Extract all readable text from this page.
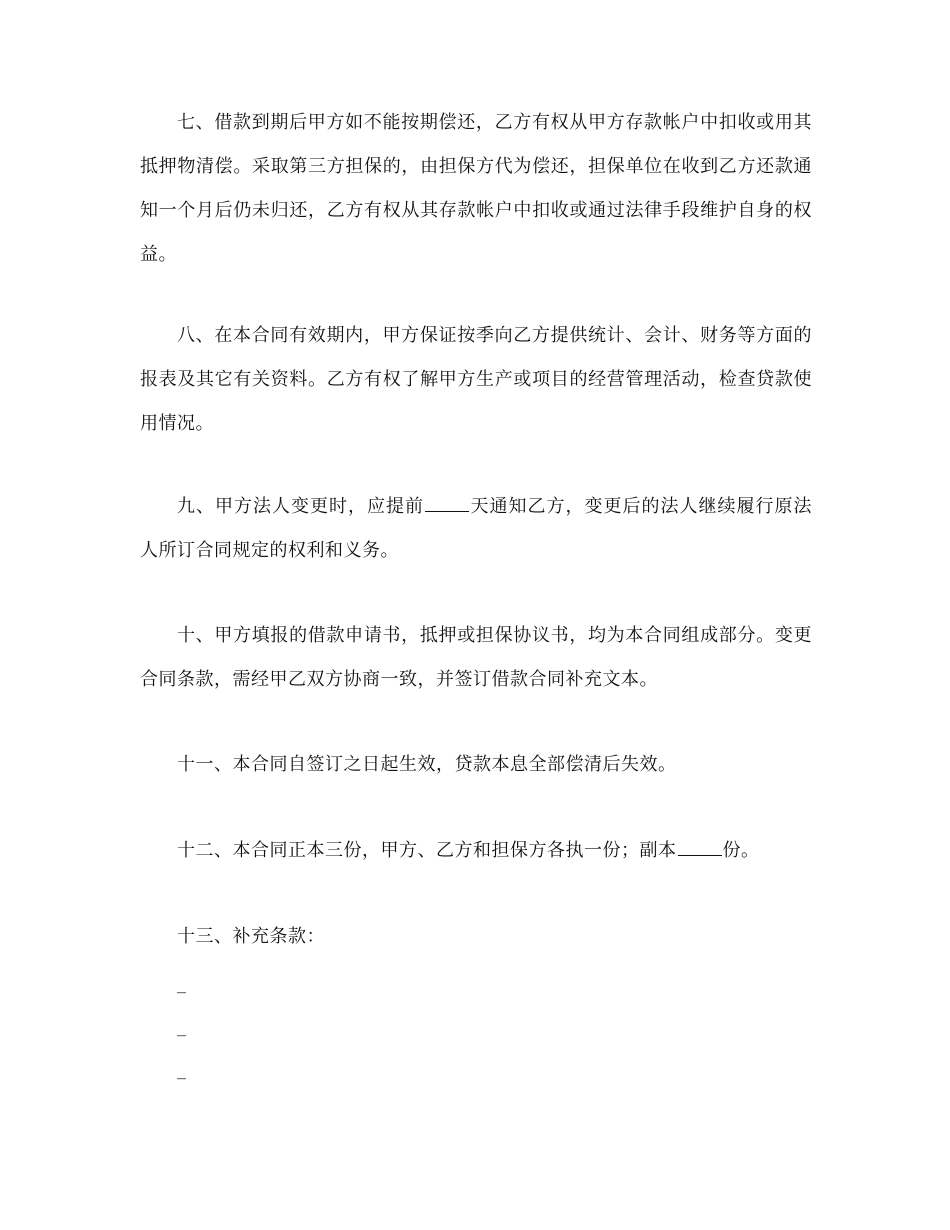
七、借款到期后甲方如不能按期偿还，乙方有权从甲方存款帐户中扣收或用其抵押物清偿。采取第三方担保的，由担保方代为偿还，担保单位在收到乙方还款通知一个月后仍未归还，乙方有权从其存款帐户中扣收或通过法律手段维护自身的权益。

八、在本合同有效期内，甲方保证按季向乙方提供统计、会计、财务等方面的报表及其它有关资料。乙方有权了解甲方生产或项目的经营管理活动，检查贷款使用情况。

九、甲方法人变更时，应提前	天通知乙方，变更后的法人继续履行原法人所订合同规定的权利和义务。

十、甲方填报的借款申请书，抵押或担保协议书，均为本合同组成部分。变更合同条款，需经甲乙双方协商一致，并签订借款合同补充文本。

十一、本合同自签订之日起生效，贷款本息全部偿清后失效。

十二、本合同正本三份，甲方、乙方和担保方各执一份；副本	份。

十三、补充条款：

_

_

_
